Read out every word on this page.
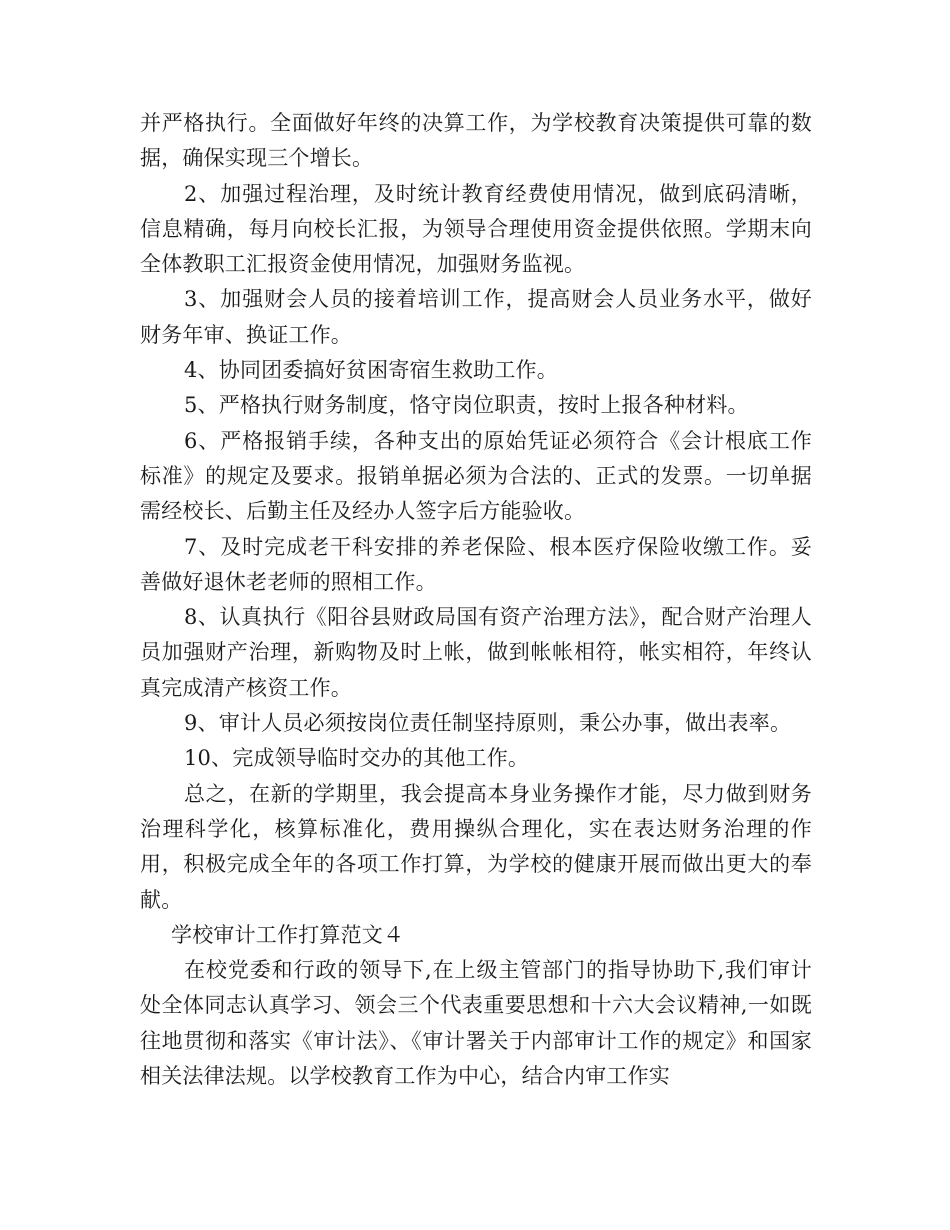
并严格执行。全面做好年终的决算工作，为学校教育决策提供可靠的数据，确保实现三个增长。

2、加强过程治理，及时统计教育经费使用情况，做到底码清晰，信息精确，每月向校长汇报，为领导合理使用资金提供依照。学期末向全体教职工汇报资金使用情况，加强财务监视。

3、加强财会人员的接着培训工作，提高财会人员业务水平，做好财务年审、换证工作。

4、协同团委搞好贫困寄宿生救助工作。

5、严格执行财务制度，恪守岗位职责，按时上报各种材料。

6、严格报销手续，各种支出的原始凭证必须符合《会计根底工作标准》的规定及要求。报销单据必须为合法的、正式的发票。一切单据需经校长、后勤主任及经办人签字后方能验收。

7、及时完成老干科安排的养老保险、根本医疗保险收缴工作。妥善做好退休老老师的照相工作。

8、认真执行《阳谷县财政局国有资产治理方法》，配合财产治理人员加强财产治理，新购物及时上帐，做到帐帐相符，帐实相符，年终认真完成清产核资工作。

9、审计人员必须按岗位责任制坚持原则，秉公办事，做出表率。

10、完成领导临时交办的其他工作。

总之，在新的学期里，我会提高本身业务操作才能，尽力做到财务治理科学化，核算标准化，费用操纵合理化，实在表达财务治理的作用，积极完成全年的各项工作打算，为学校的健康开展而做出更大的奉献。

学校审计工作打算范文４

在校党委和行政的领导下,在上级主管部门的指导协助下,我们审计处全体同志认真学习、领会三个代表重要思想和十六大会议精神,一如既往地贯彻和落实《审计法》、《审计署关于内部审计工作的规定》和国家相关法律法规。以学校教育工作为中心，结合内审工作实
